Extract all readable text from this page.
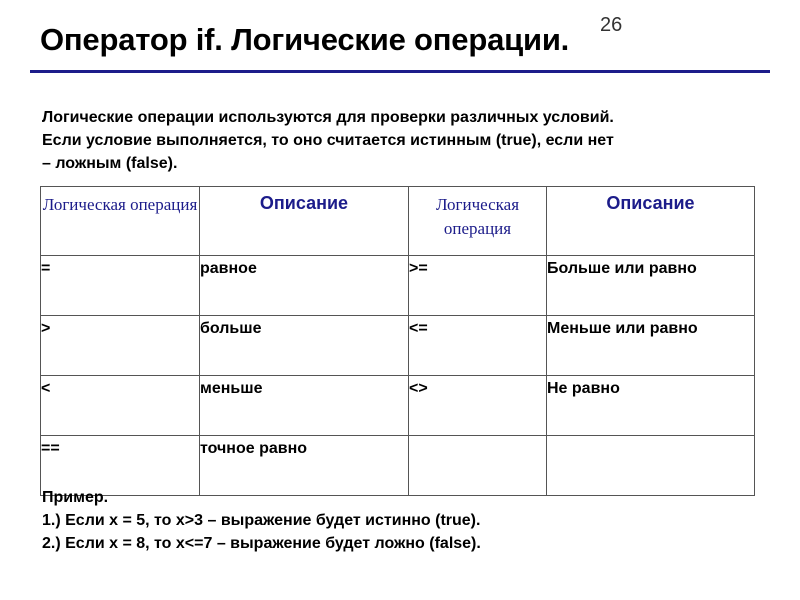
Оператор if. Логические операции. 26
Логические операции используются для проверки различных условий.
Если условие выполняется, то оно считается истинным (true), если нет
– ложным (false).
Логическая операция	Описание	Логическая операция	Описание
=	равное	>=	Больше или равно
>	больше	<=	Меньше или равно
<	меньше	<>	Не равно
==	точное равно		
Пример.
1.) Если x = 5, то x>3 – выражение будет истинно (true).
2.) Если x = 8, то x<=7 – выражение будет ложно (false).
